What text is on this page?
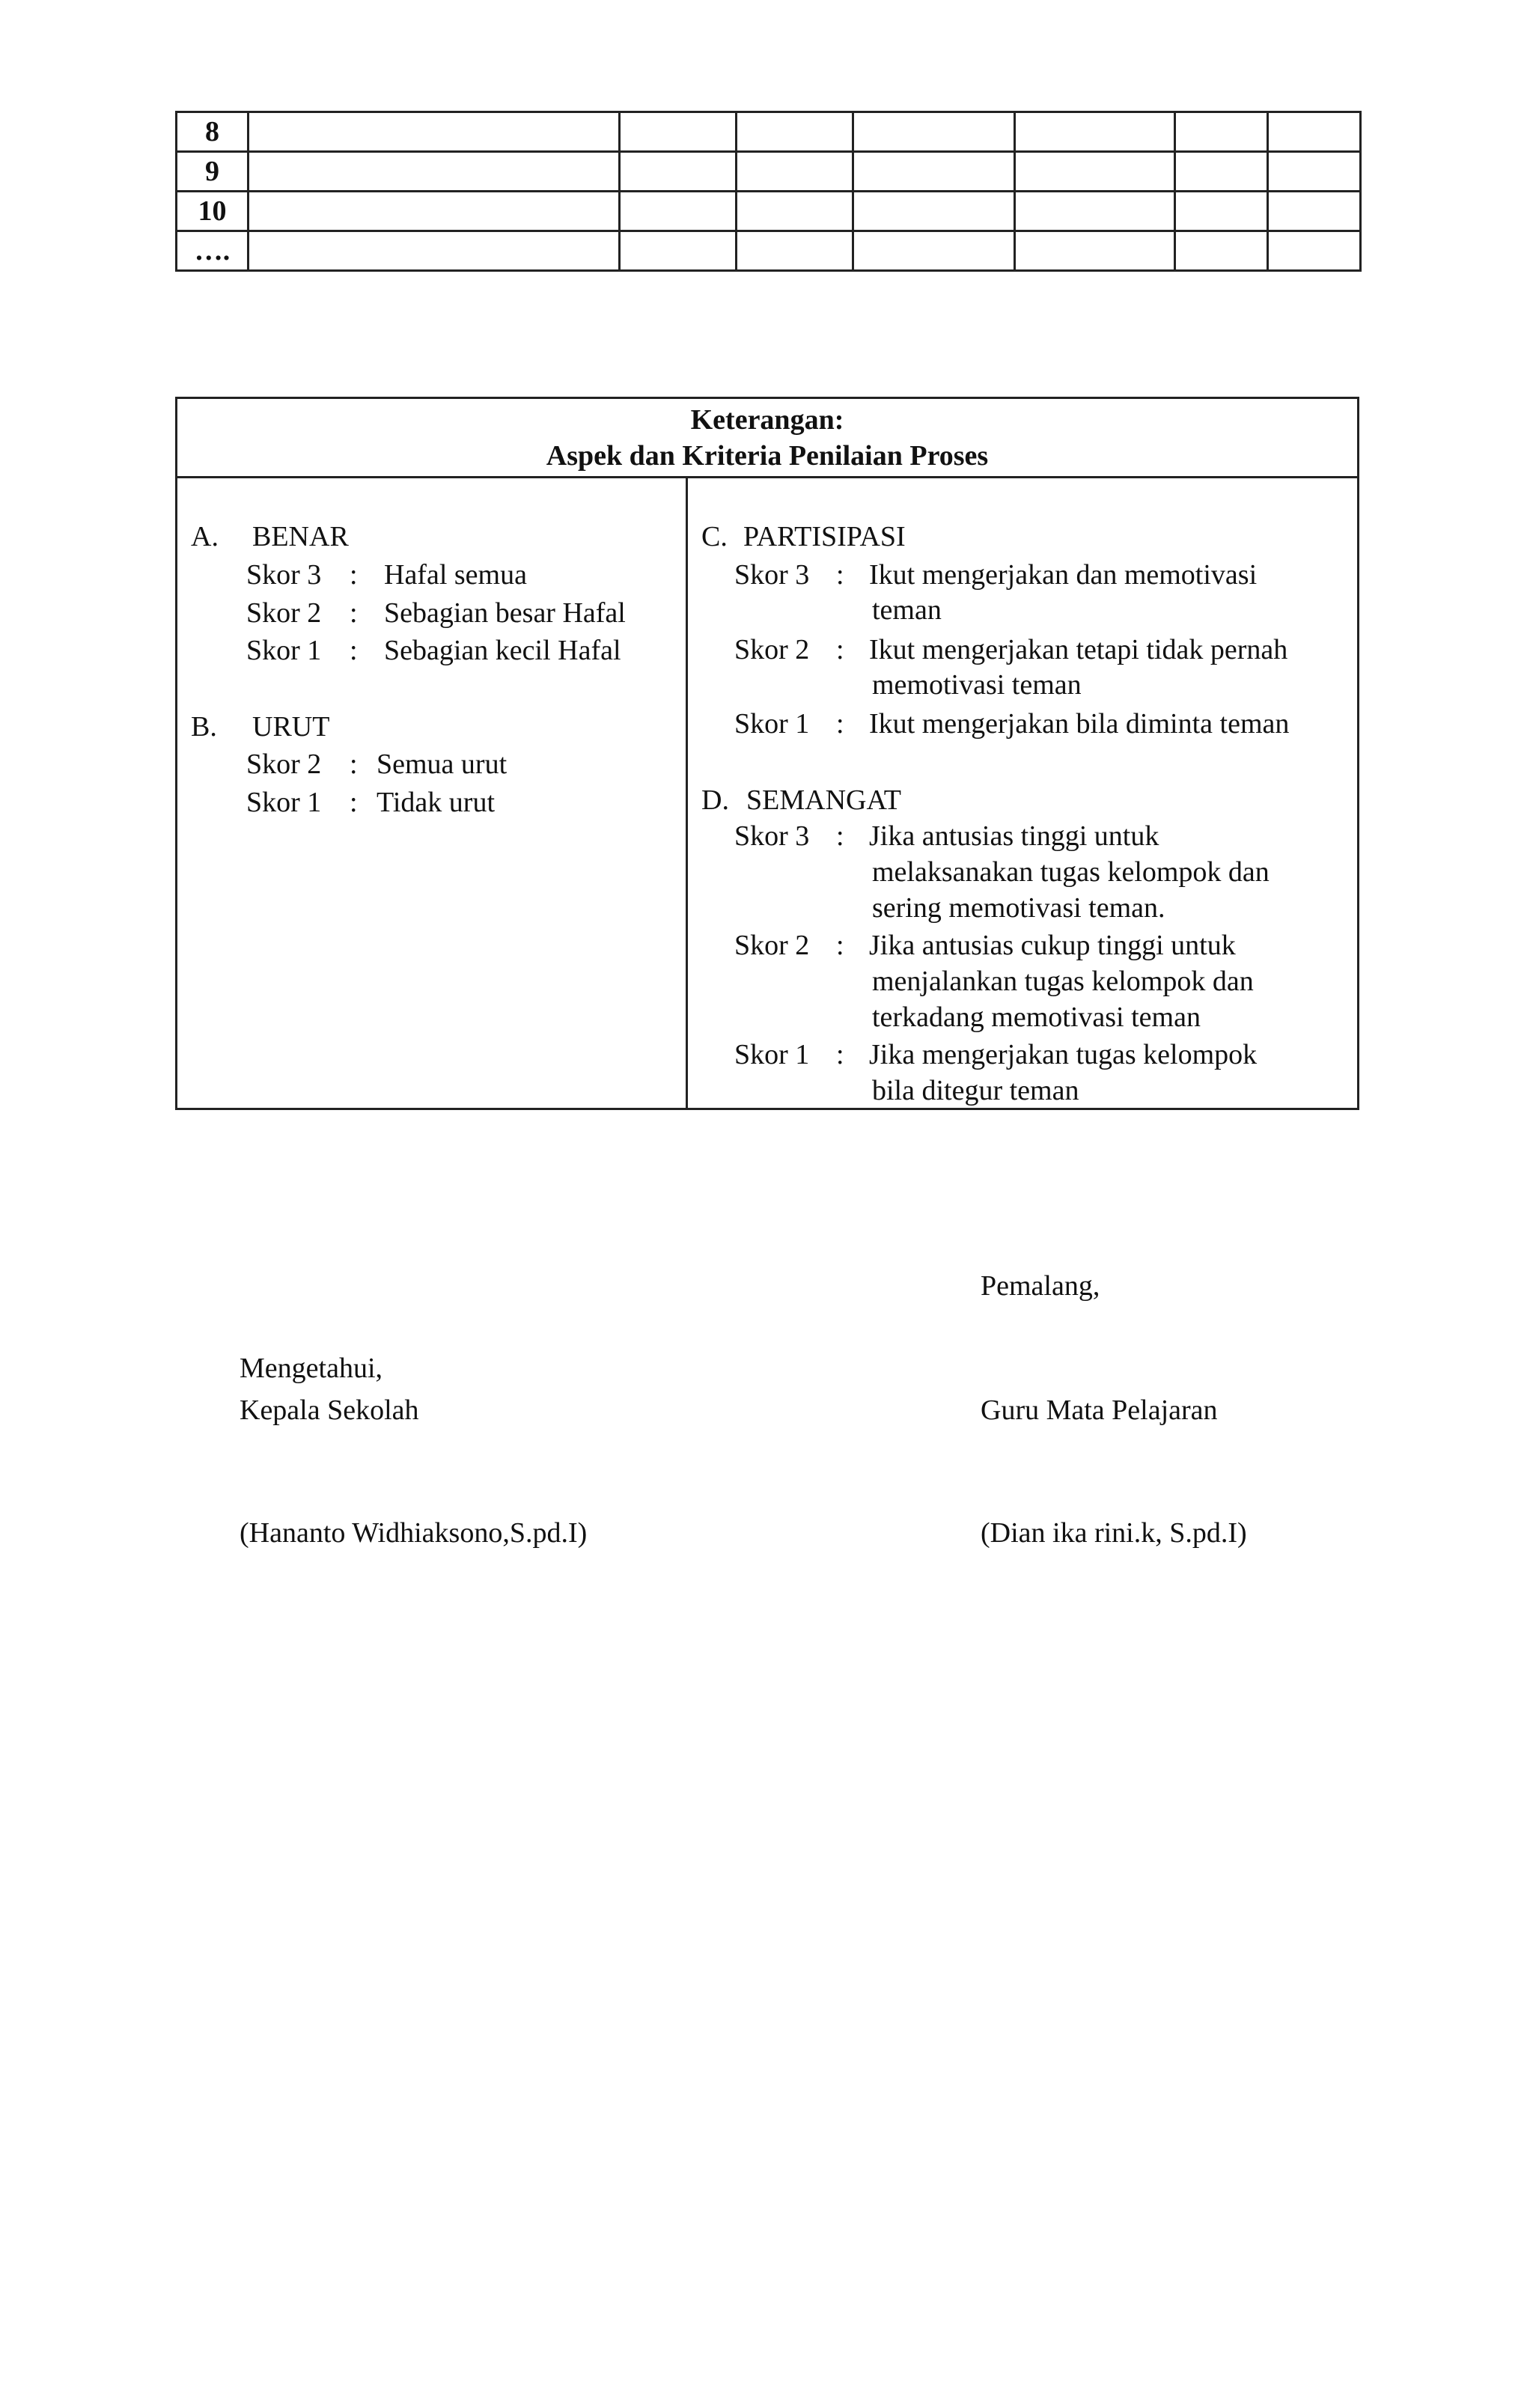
8							
9							
10							
….							
Keterangan:
Aspek dan Kriteria Penilaian Proses
A. BENAR
Skor 3 : Hafal semua
Skor 2 : Sebagian besar Hafal
Skor 1 : Sebagian kecil Hafal
B. URUT
Skor 2 : Semua urut
Skor 1 : Tidak urut
C. PARTISIPASI
Skor 3 : Ikut mengerjakan dan memotivasi
teman
Skor 2 : Ikut mengerjakan tetapi tidak pernah
memotivasi teman
Skor 1 : Ikut mengerjakan bila diminta teman
D. SEMANGAT
Skor 3 : Jika antusias tinggi untuk
melaksanakan tugas kelompok dan
sering memotivasi teman.
Skor 2 : Jika antusias cukup tinggi untuk
menjalankan tugas kelompok dan
terkadang memotivasi teman
Skor 1 : Jika mengerjakan tugas kelompok
bila ditegur teman
Pemalang,
Mengetahui,
Kepala Sekolah	Guru Mata Pelajaran
(Hananto Widhiaksono,S.pd.I)	(Dian ika rini.k, S.pd.I)
